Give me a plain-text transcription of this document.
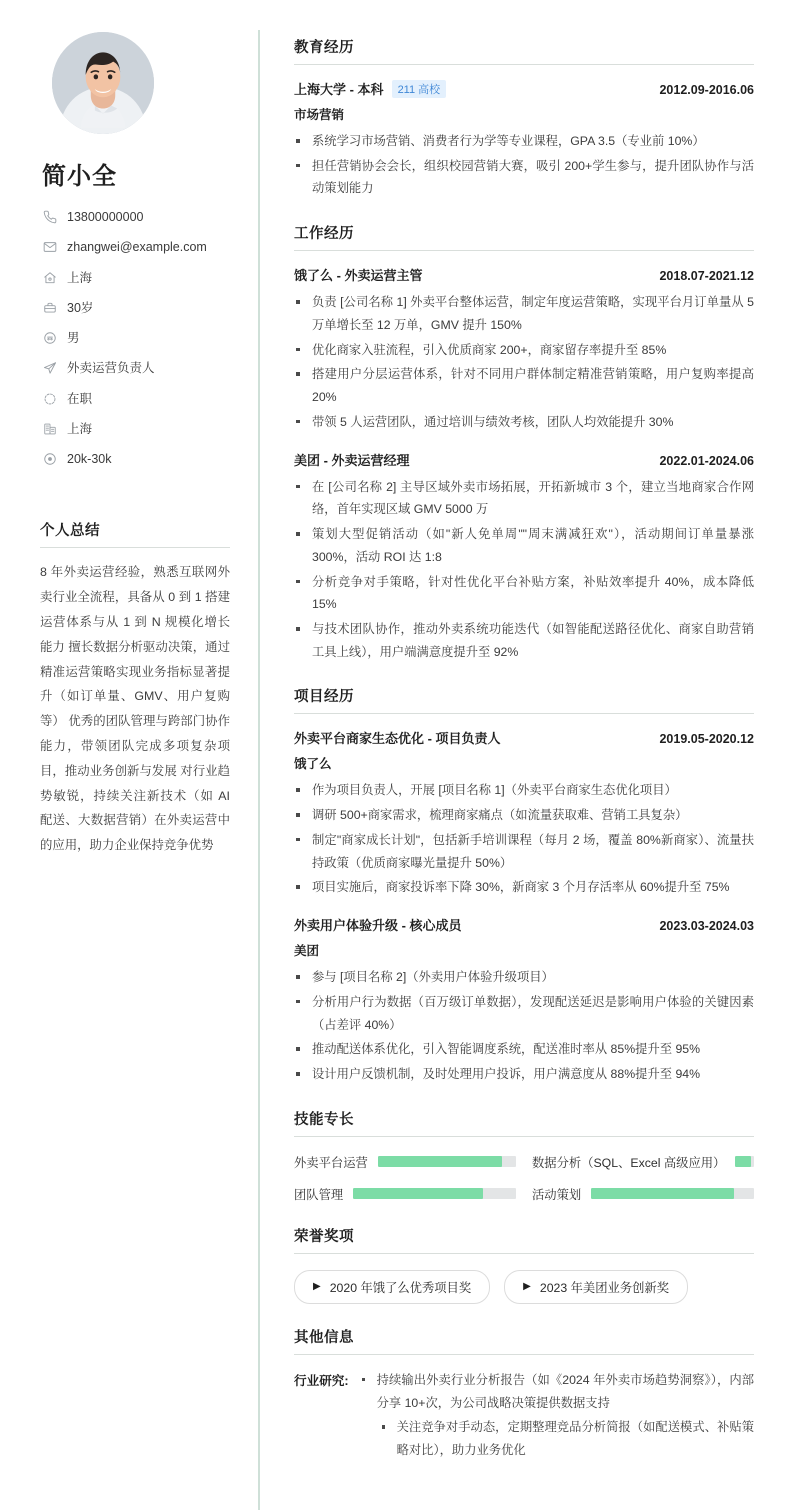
简小全
13800000000
zhangwei@example.com
上海
30岁
男
外卖运营负责人
在职
上海
20k-30k
个人总结

8 年外卖运营经验，熟悉互联网外卖行业全流程，具备从 0 到 1 搭建运营体系与从 1 到 N 规模化增长能力 擅长数据分析驱动决策，通过精准运营策略实现业务指标显著提升（如订单量、GMV、用户复购等） 优秀的团队管理与跨部门协作能力，带领团队完成多项复杂项目，推动业务创新与发展 对行业趋势敏锐，持续关注新技术（如 AI 配送、大数据营销）在外卖运营中的应用，助力企业保持竞争优势

教育经历
上海大学 - 本科	211 高校	2012.09-2016.06
市场营销
系统学习市场营销、消费者行为学等专业课程，GPA 3.5（专业前 10%）
担任营销协会会长，组织校园营销大赛，吸引 200+学生参与，提升团队协作与活动策划能力
工作经历
饿了么 - 外卖运营主管	2018.07-2021.12
负责 [公司名称 1] 外卖平台整体运营，制定年度运营策略，实现平台月订单量从 5 万单增长至 12 万单，GMV 提升 150%
优化商家入驻流程，引入优质商家 200+，商家留存率提升至 85%
搭建用户分层运营体系，针对不同用户群体制定精准营销策略，用户复购率提高 20%
带领 5 人运营团队，通过培训与绩效考核，团队人均效能提升 30%
美团 - 外卖运营经理	2022.01-2024.06
在 [公司名称 2] 主导区域外卖市场拓展，开拓新城市 3 个，建立当地商家合作网络，首年实现区域 GMV 5000 万
策划大型促销活动（如"新人免单周""周末满减狂欢"），活动期间订单量暴涨 300%，活动 ROI 达 1:8
分析竞争对手策略，针对性优化平台补贴方案，补贴效率提升 40%，成本降低 15%
与技术团队协作，推动外卖系统功能迭代（如智能配送路径优化、商家自助营销工具上线），用户端满意度提升至 92%
项目经历
外卖平台商家生态优化 - 项目负责人	2019.05-2020.12
饿了么
作为项目负责人，开展 [项目名称 1]（外卖平台商家生态优化项目）
调研 500+商家需求，梳理商家痛点（如流量获取难、营销工具复杂）
制定"商家成长计划"，包括新手培训课程（每月 2 场，覆盖 80%新商家）、流量扶持政策（优质商家曝光量提升 50%）
项目实施后，商家投诉率下降 30%，新商家 3 个月存活率从 60%提升至 75%
外卖用户体验升级 - 核心成员	2023.03-2024.03
美团
参与 [项目名称 2]（外卖用户体验升级项目）
分析用户行为数据（百万级订单数据），发现配送延迟是影响用户体验的关键因素（占差评 40%）
推动配送体系优化，引入智能调度系统，配送准时率从 85%提升至 95%
设计用户反馈机制，及时处理用户投诉，用户满意度从 88%提升至 94%
技能专长
外卖平台运营	数据分析（SQL、Excel 高级应用）
团队管理	活动策划
荣誉奖项
▶ 2020 年饿了么优秀项目奖	▶ 2023 年美团业务创新奖
其他信息
行业研究:	持续输出外卖行业分析报告（如《2024 年外卖市场趋势洞察》），内部分享 10+次，为公司战略决策提供数据支持
关注竞争对手动态，定期整理竞品分析简报（如配送模式、补贴策略对比），助力业务优化
